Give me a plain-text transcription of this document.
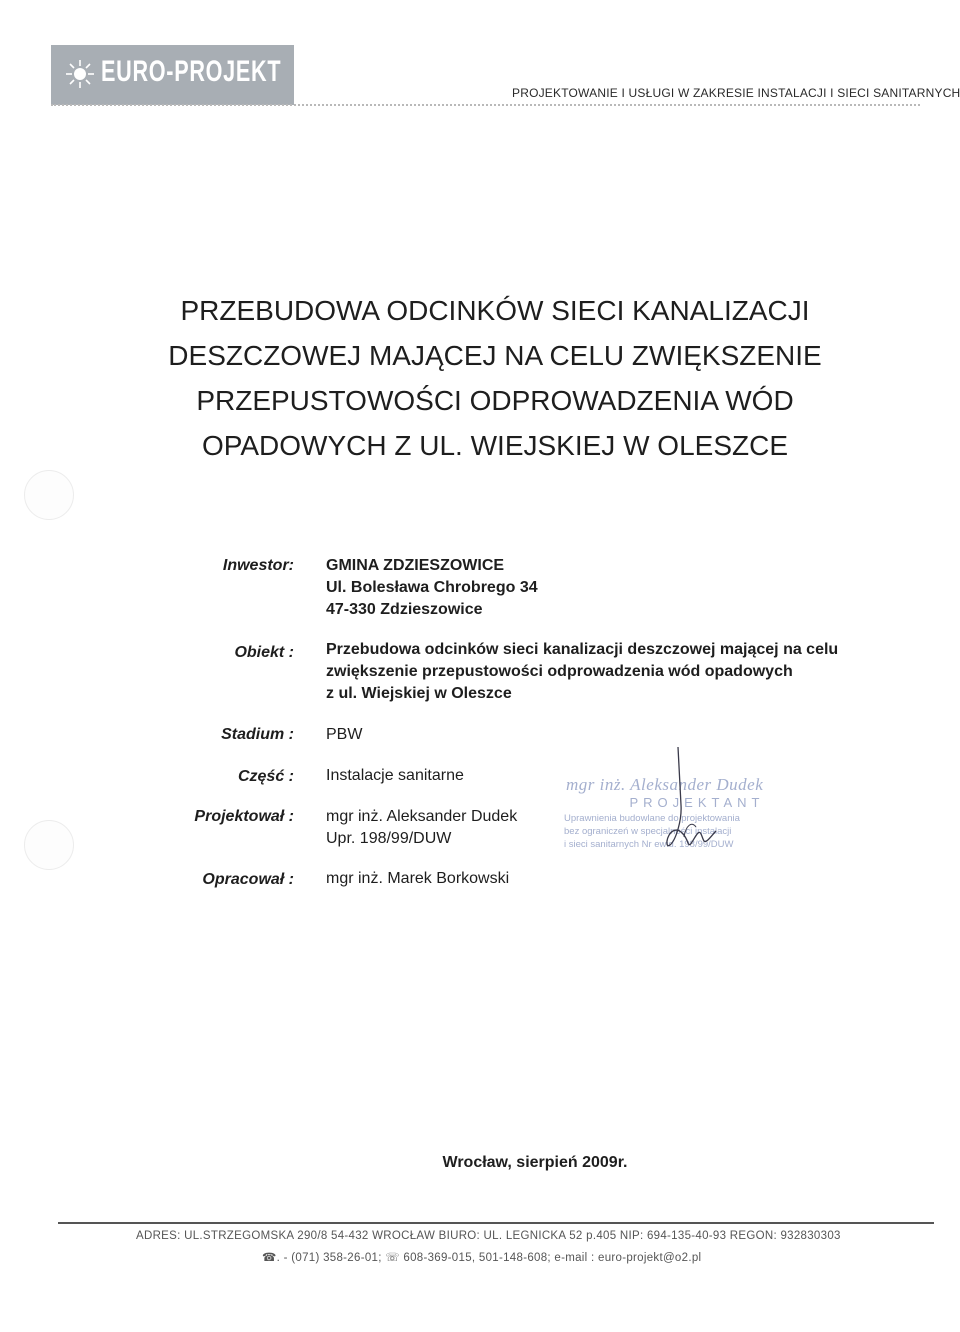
EURO-PROJEKT
PROJEKTOWANIE I USŁUGI W ZAKRESIE INSTALACJI I SIECI SANITARNYCH
PRZEBUDOWA ODCINKÓW SIECI KANALIZACJI
DESZCZOWEJ MAJĄCEJ NA CELU ZWIĘKSZENIE
PRZEPUSTOWOŚCI ODPROWADZENIA WÓD
OPADOWYCH Z UL. WIEJSKIEJ W OLESZCE
Inwestor: GMINA ZDZIESZOWICE
Ul. Bolesława Chrobrego 34
47-330 Zdzieszowice
Obiekt : Przebudowa odcinków sieci kanalizacji deszczowej mającej na celu
zwiększenie przepustowości odprowadzenia wód opadowych
z ul. Wiejskiej w Oleszce
Stadium : PBW
Część : Instalacje sanitarne
Projektował : mgr inż. Aleksander Dudek
Upr. 198/99/DUW
mgr inż. Aleksander Dudek
PROJEKTANT
Uprawnienia budowlane do projektowania
bez ograniczeń w specjalności instalacji
i sieci sanitarnych Nr ewid. 198/99/DUW
Opracował : mgr inż. Marek Borkowski
Wrocław, sierpień 2009r.
ADRES: UL.STRZEGOMSKA 290/8 54-432 WROCŁAW BIURO: UL. LEGNICKA 52 p.405 NIP: 694-135-40-93 REGON: 932830303
☎. - (071) 358-26-01; ☏ 608-369-015, 501-148-608; e-mail : euro-projekt@o2.pl
